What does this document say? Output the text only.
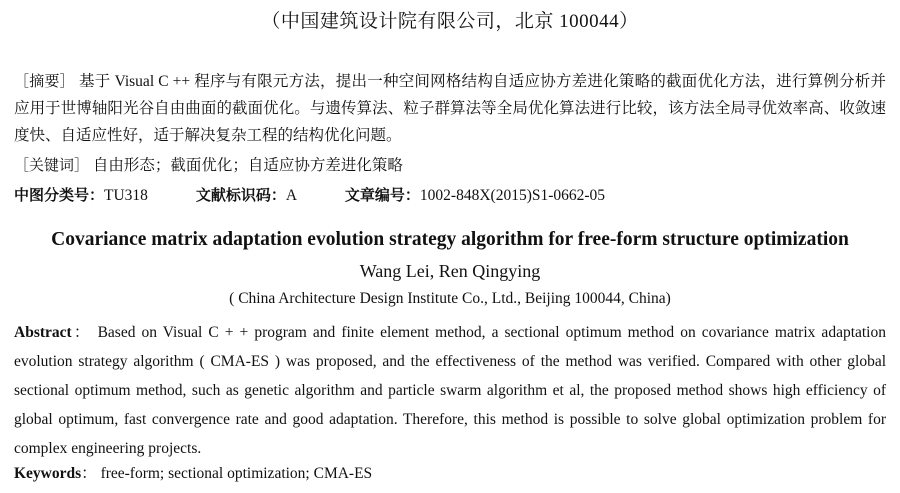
（中国建筑设计院有限公司，北京 100044）
［摘要］ 基于 Visual C ++ 程序与有限元方法，提出一种空间网格结构自适应协方差进化策略的截面优化方法，进行算例分析并应用于世博轴阳光谷自由曲面的截面优化。与遗传算法、粒子群算法等全局优化算法进行比较，该方法全局寻优效率高、收敛速度快、自适应性好，适于解决复杂工程的结构优化问题。
［关键词］ 自由形态；截面优化；自适应协方差进化策略
中图分类号：TU318	文献标识码：A	文章编号：1002-848X(2015)S1-0662-05
Covariance matrix adaptation evolution strategy algorithm for free-form structure optimization
Wang Lei, Ren Qingying
( China Architecture Design Institute Co., Ltd., Beijing 100044, China)
Abstract： Based on Visual C + + program and finite element method, a sectional optimum method on covariance matrix adaptation evolution strategy algorithm ( CMA-ES ) was proposed, and the effectiveness of the method was verified. Compared with other global sectional optimum method, such as genetic algorithm and particle swarm algorithm et al, the proposed method shows high efficiency of global optimum, fast convergence rate and good adaptation. Therefore, this method is possible to solve global optimization problem for complex engineering projects.
Keywords： free-form; sectional optimization; CMA-ES
